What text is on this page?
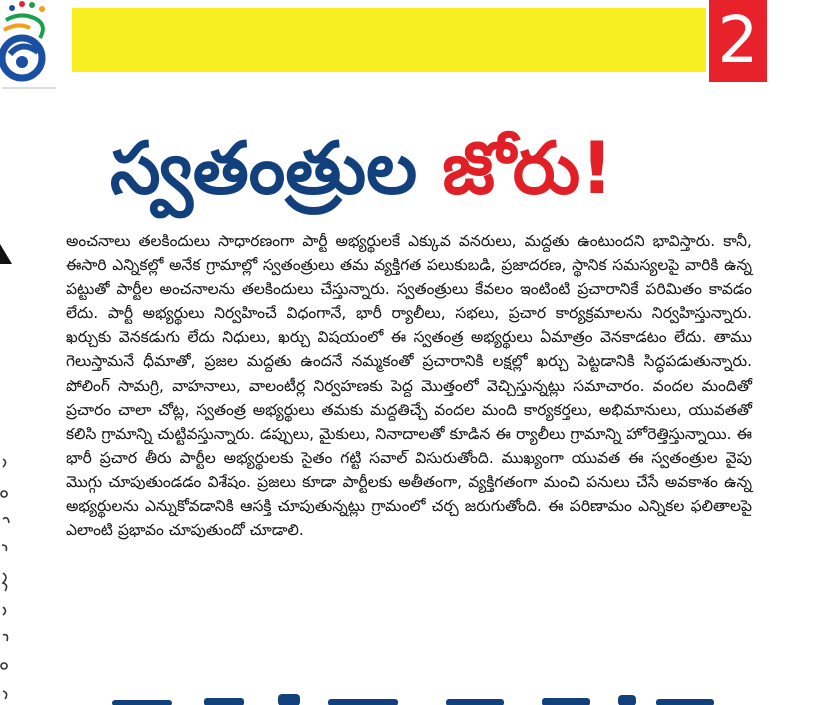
2
స్వతంత్రుల జోరు!

అంచనాలు తలకిందులు సాధారణంగా పార్టీ అభ్యర్థులకే ఎక్కువ వనరులు, మద్దతు ఉంటుందని భావిస్తారు. కానీ, ఈసారి ఎన్నికల్లో అనేక గ్రామాల్లో స్వతంత్రులు తమ వ్యక్తిగత పలుకుబడి, ప్రజాదరణ, స్థానిక సమస్యలపై వారికి ఉన్న పట్టుతో పార్టీల అంచనాలను తలకిందులు చేస్తున్నారు. స్వతంత్రులు కేవలం ఇంటింటి ప్రచారానికే పరిమితం కావడం లేదు. పార్టీ అభ్యర్థులు నిర్వహించే విధంగానే, భారీ ర్యాలీలు, సభలు, ప్రచార కార్యక్రమాలను నిర్వహిస్తున్నారు. ఖర్చుకు వెనకడుగు లేదు నిధులు, ఖర్చు విషయంలో ఈ స్వతంత్ర అభ్యర్థులు ఏమాత్రం వెనకాడటం లేదు. తాము గెలుస్తామనే ధీమాతో, ప్రజల మద్దతు ఉందనే నమ్మకంతో ప్రచారానికి లక్షల్లో ఖర్చు పెట్టడానికి సిద్ధపడుతున్నారు. పోలింగ్ సామగ్రి, వాహనాలు, వాలంటీర్ల నిర్వహణకు పెద్ద మొత్తంలో వెచ్చిస్తున్నట్లు సమాచారం. వందల మందితో ప్రచారం చాలా చోట్ల, స్వతంత్ర అభ్యర్థులు తమకు మద్దతిచ్చే వందల మంది కార్యకర్తలు, అభిమానులు, యువతతో కలిసి గ్రామాన్ని చుట్టివస్తున్నారు. డప్పులు, మైకులు, నినాదాలతో కూడిన ఈ ర్యాలీలు గ్రామాన్ని హోరెత్తిస్తున్నాయి. ఈ భారీ ప్రచార తీరు పార్టీల అభ్యర్థులకు సైతం గట్టి సవాల్ విసురుతోంది. ముఖ్యంగా యువత ఈ స్వతంత్రుల వైపు మొగ్గు చూపుతుండడం విశేషం. ప్రజలు కూడా పార్టీలకు అతీతంగా, వ్యక్తిగతంగా మంచి పనులు చేసే అవకాశం ఉన్న అభ్యర్థులను ఎన్నుకోవడానికి ఆసక్తి చూపుతున్నట్లు గ్రామంలో చర్చ జరుగుతోంది. ఈ పరిణామం ఎన్నికల ఫలితాలపై ఎలాంటి ప్రభావం చూపుతుందో చూడాలి.
